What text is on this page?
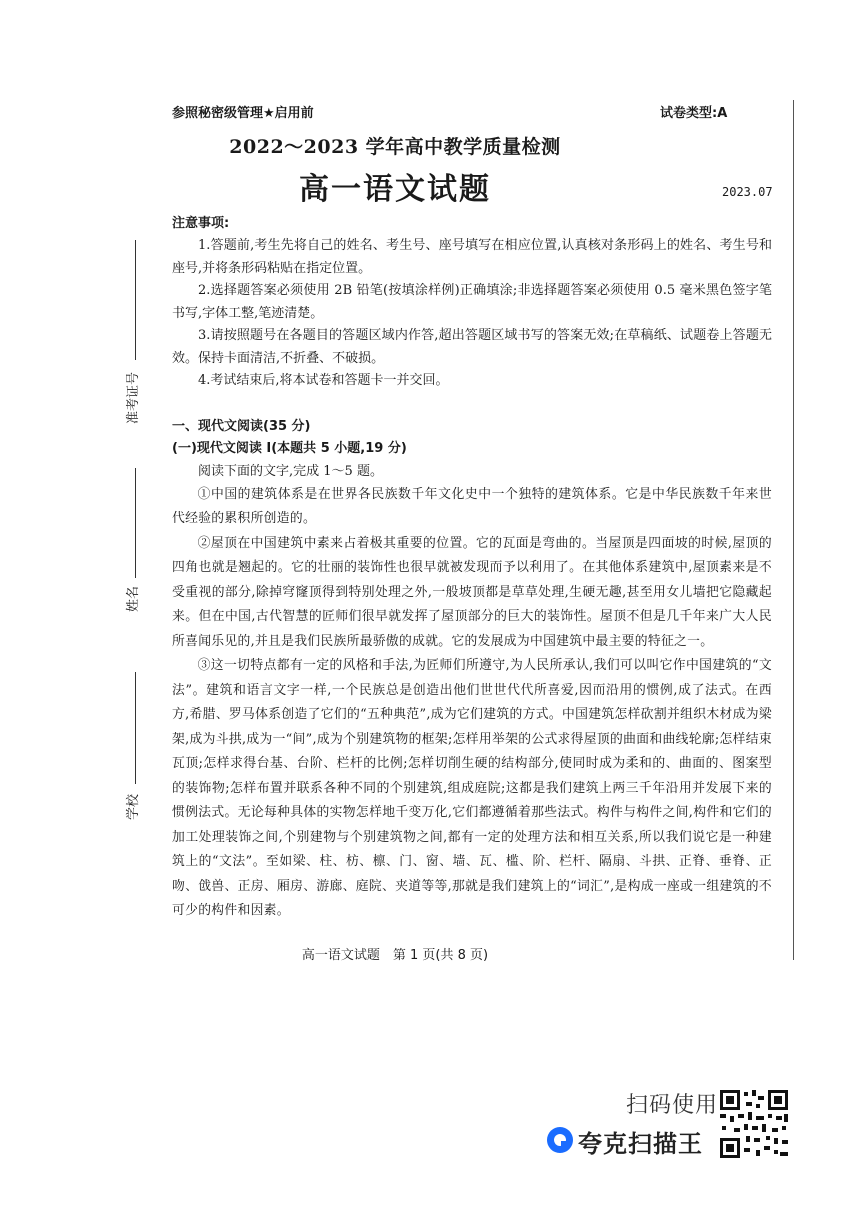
参照秘密级管理★启用前	试卷类型:A
2022～2023 学年高中教学质量检测
高一语文试题	2023.07
准考证号
姓名
学校

注意事项:

1.答题前,考生先将自己的姓名、考生号、座号填写在相应位置,认真核对条形码上的姓名、考生号和座号,并将条形码粘贴在指定位置。

2.选择题答案必须使用 2B 铅笔(按填涂样例)正确填涂;非选择题答案必须使用 0.5 毫米黑色签字笔书写,字体工整,笔迹清楚。

3.请按照题号在各题目的答题区域内作答,超出答题区域书写的答案无效;在草稿纸、试题卷上答题无效。保持卡面清洁,不折叠、不破损。

4.考试结束后,将本试卷和答题卡一并交回。

一、现代文阅读(35 分)

(一)现代文阅读 I(本题共 5 小题,19 分)

阅读下面的文字,完成 1～5 题。

①中国的建筑体系是在世界各民族数千年文化史中一个独特的建筑体系。它是中华民族数千年来世代经验的累积所创造的。

②屋顶在中国建筑中素来占着极其重要的位置。它的瓦面是弯曲的。当屋顶是四面坡的时候,屋顶的四角也就是翘起的。它的壮丽的装饰性也很早就被发现而予以利用了。在其他体系建筑中,屋顶素来是不受重视的部分,除掉穹窿顶得到特别处理之外,一般坡顶都是草草处理,生硬无趣,甚至用女儿墙把它隐藏起来。但在中国,古代智慧的匠师们很早就发挥了屋顶部分的巨大的装饰性。屋顶不但是几千年来广大人民所喜闻乐见的,并且是我们民族所最骄傲的成就。它的发展成为中国建筑中最主要的特征之一。

③这一切特点都有一定的风格和手法,为匠师们所遵守,为人民所承认,我们可以叫它作中国建筑的“文法”。建筑和语言文字一样,一个民族总是创造出他们世世代代所喜爱,因而沿用的惯例,成了法式。在西方,希腊、罗马体系创造了它们的“五种典范”,成为它们建筑的方式。中国建筑怎样砍割并组织木材成为梁架,成为斗拱,成为一“间”,成为个别建筑物的框架;怎样用举架的公式求得屋顶的曲面和曲线轮廓;怎样结束瓦顶;怎样求得台基、台阶、栏杆的比例;怎样切削生硬的结构部分,使同时成为柔和的、曲面的、图案型的装饰物;怎样布置并联系各种不同的个别建筑,组成庭院;这都是我们建筑上两三千年沿用并发展下来的惯例法式。无论每种具体的实物怎样地千变万化,它们都遵循着那些法式。构件与构件之间,构件和它们的加工处理装饰之间,个别建物与个别建筑物之间,都有一定的处理方法和相互关系,所以我们说它是一种建筑上的“文法”。至如梁、柱、枋、檩、门、窗、墙、瓦、槛、阶、栏杆、隔扇、斗拱、正脊、垂脊、正吻、戗兽、正房、厢房、游廊、庭院、夹道等等,那就是我们建筑上的“词汇”,是构成一座或一组建筑的不可少的构件和因素。

高一语文试题　第 1 页(共 8 页)
扫码使用
夸克扫描王
